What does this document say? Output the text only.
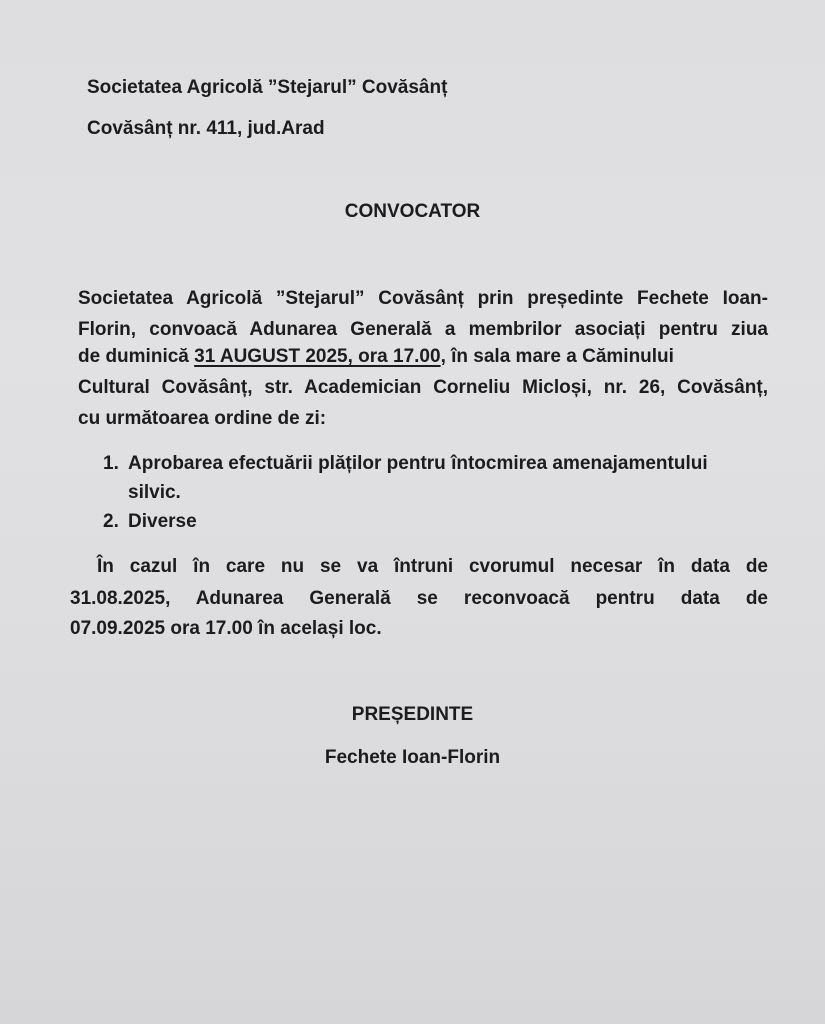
Societatea Agricolă ”Stejarul” Covăsânț
Covăsânț nr. 411, jud.Arad
CONVOCATOR
Societatea Agricolă ”Stejarul” Covăsânț prin președinte Fechete Ioan-
Florin, convoacă Adunarea Generală a membrilor asociați pentru ziua
de duminică 31 AUGUST 2025, ora 17.00, în sala mare a Căminului
Cultural Covăsânț, str. Academician Corneliu Micloși, nr. 26, Covăsânț,
cu următoarea ordine de zi:
1. Aprobarea efectuării plăților pentru întocmirea amenajamentului
silvic.
2. Diverse
În cazul în care nu se va întruni cvorumul necesar în data de
31.08.2025, Adunarea Generală se reconvoacă pentru data de
07.09.2025 ora 17.00 în același loc.
PREȘEDINTE
Fechete Ioan-Florin
